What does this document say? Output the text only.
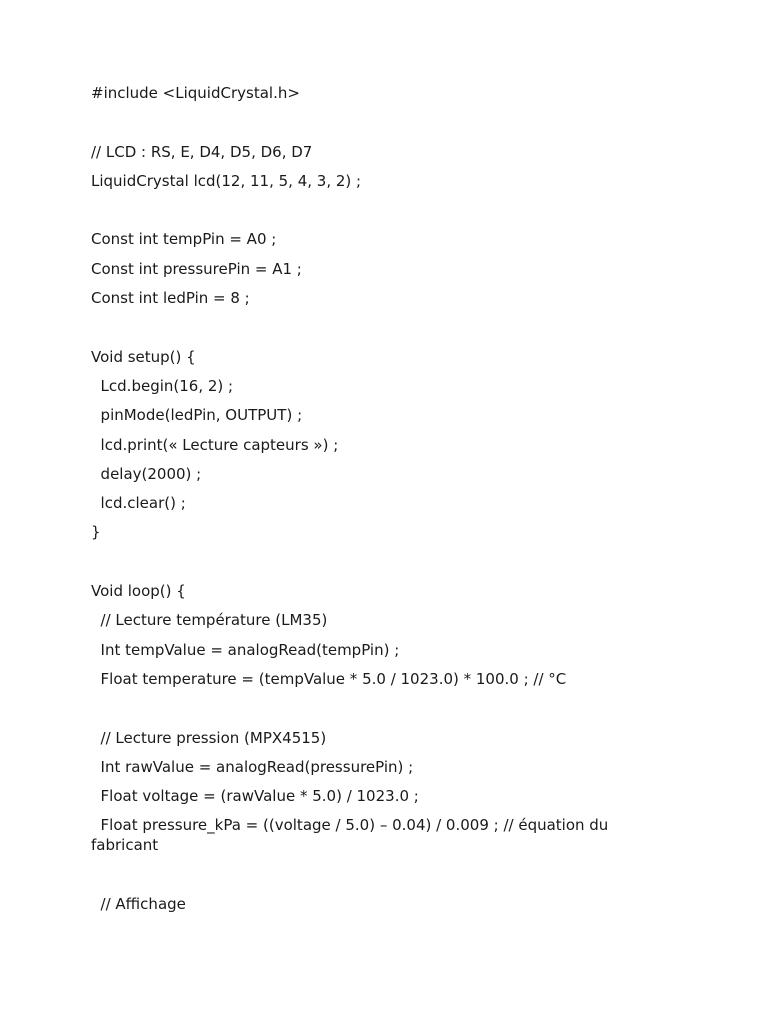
#include <LiquidCrystal.h>
// LCD : RS, E, D4, D5, D6, D7
LiquidCrystal lcd(12, 11, 5, 4, 3, 2) ;
Const int tempPin = A0 ;
Const int pressurePin = A1 ;
Const int ledPin = 8 ;
Void setup() {
Lcd.begin(16, 2) ;
pinMode(ledPin, OUTPUT) ;
lcd.print(« Lecture capteurs ») ;
delay(2000) ;
lcd.clear() ;
}
Void loop() {
// Lecture température (LM35)
Int tempValue = analogRead(tempPin) ;
Float temperature = (tempValue * 5.0 / 1023.0) * 100.0 ; // °C
// Lecture pression (MPX4515)
Int rawValue = analogRead(pressurePin) ;
Float voltage = (rawValue * 5.0) / 1023.0 ;
Float pressure_kPa = ((voltage / 5.0) – 0.04) / 0.009 ; // équation du fabricant
// Affichage
